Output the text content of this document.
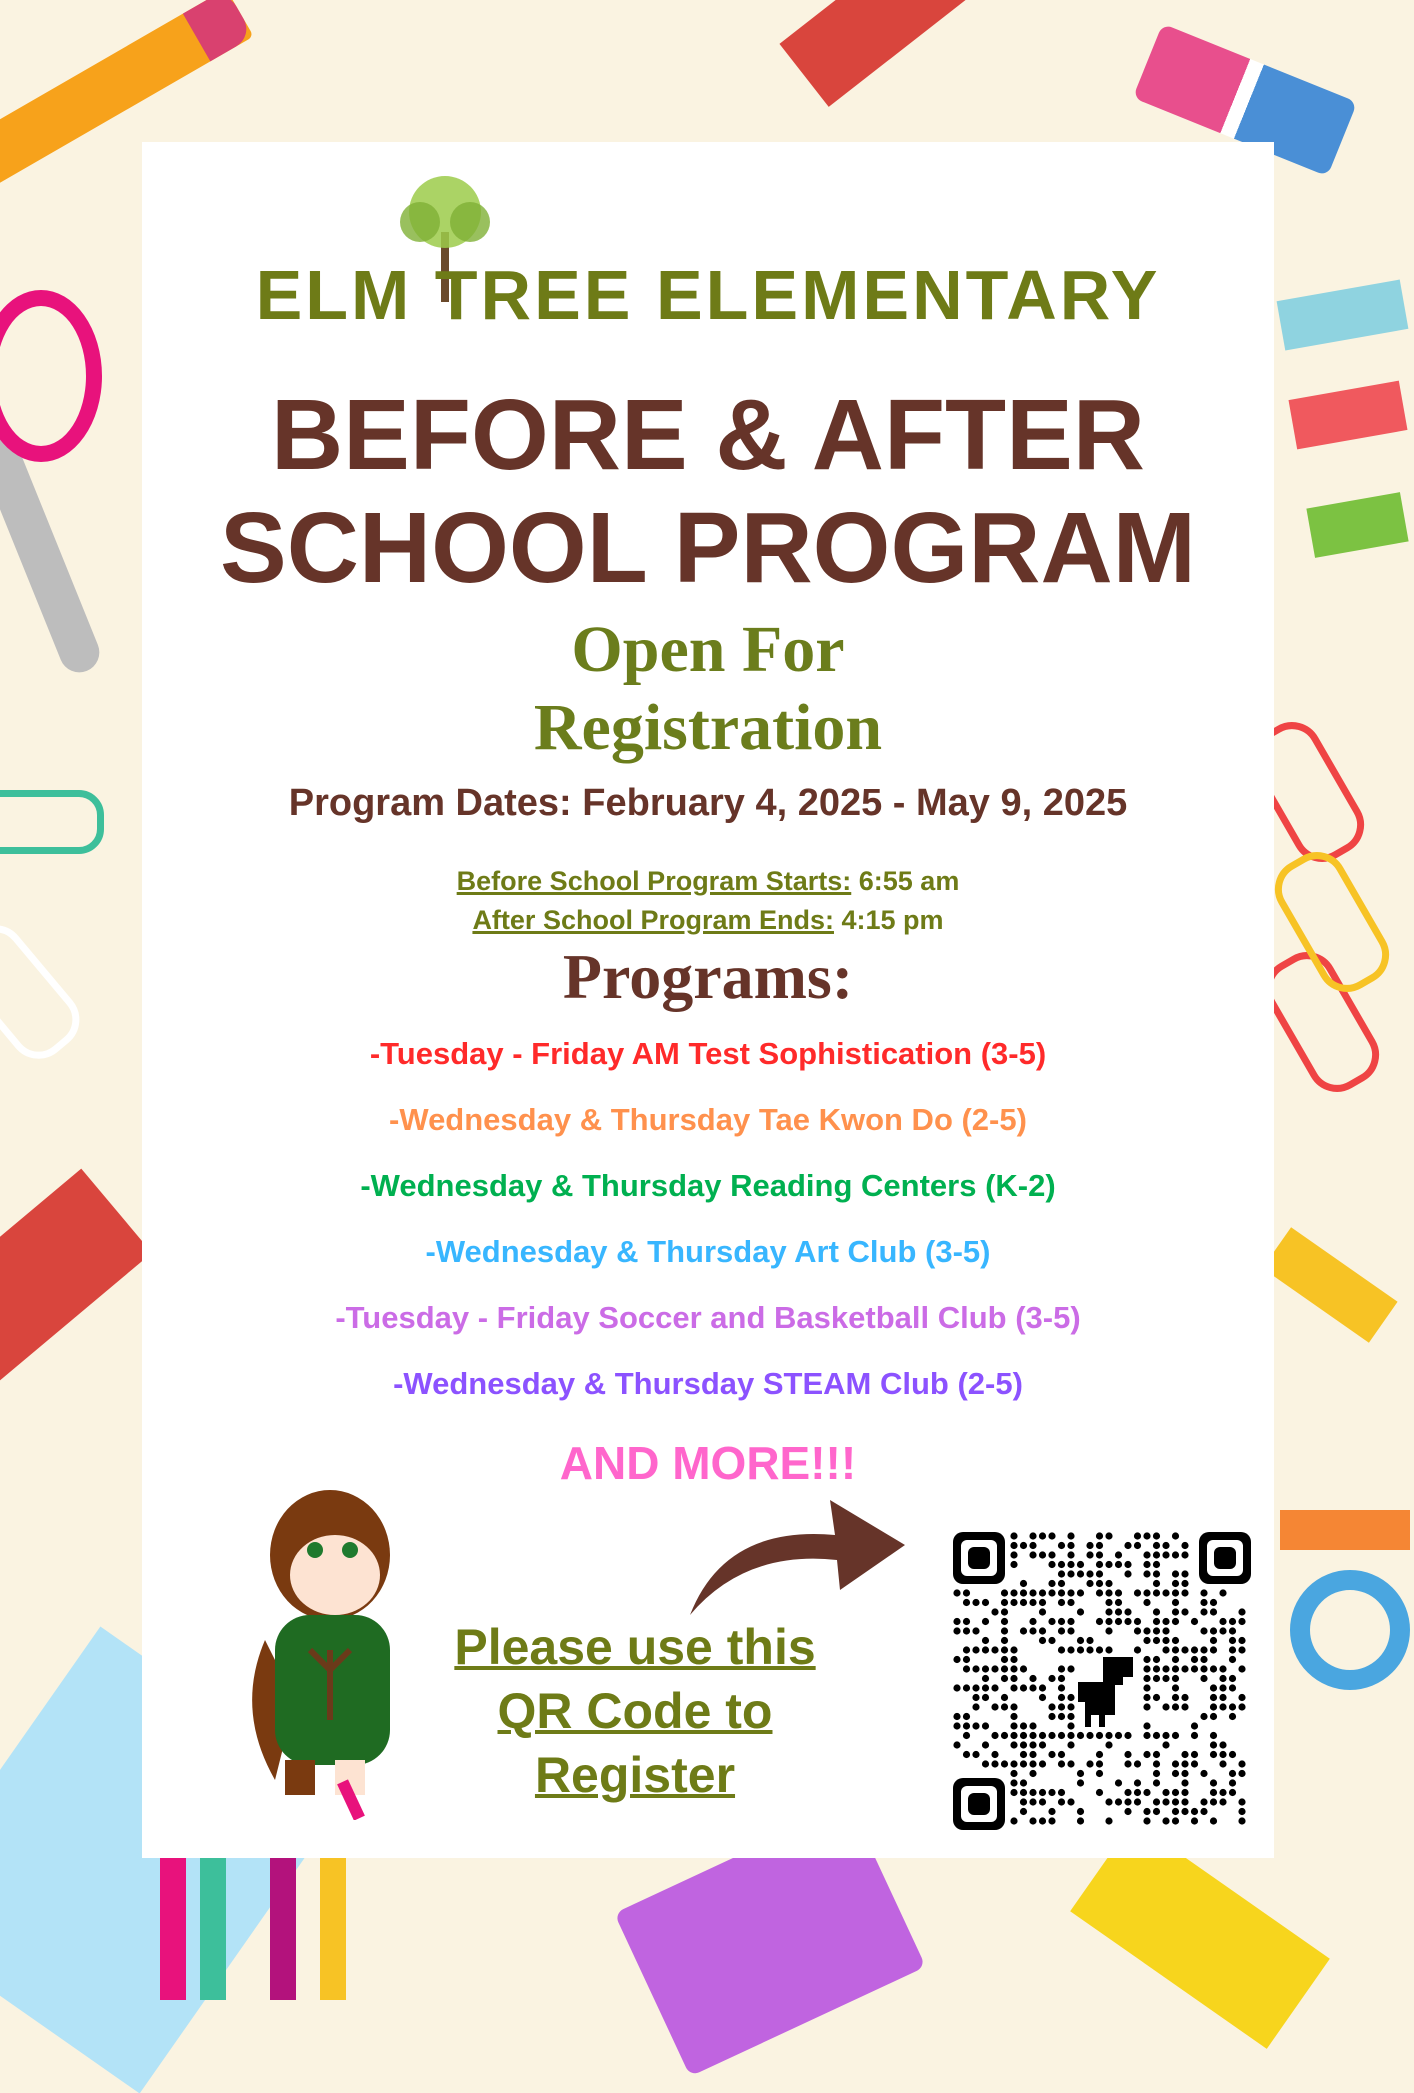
ELM TREE ELEMENTARY
BEFORE & AFTER
SCHOOL PROGRAM
Open For
Registration
Program Dates: February 4, 2025 - May 9, 2025
Before School Program Starts: 6:55 am
After School Program Ends: 4:15 pm
Programs:
-Tuesday - Friday AM Test Sophistication (3-5)
-Wednesday & Thursday Tae Kwon Do (2-5)
-Wednesday & Thursday Reading Centers (K-2)
-Wednesday & Thursday Art Club (3-5)
-Tuesday - Friday Soccer and Basketball Club (3-5)
-Wednesday & Thursday STEAM Club (2-5)
AND MORE!!!
Please use this
QR Code to
Register
